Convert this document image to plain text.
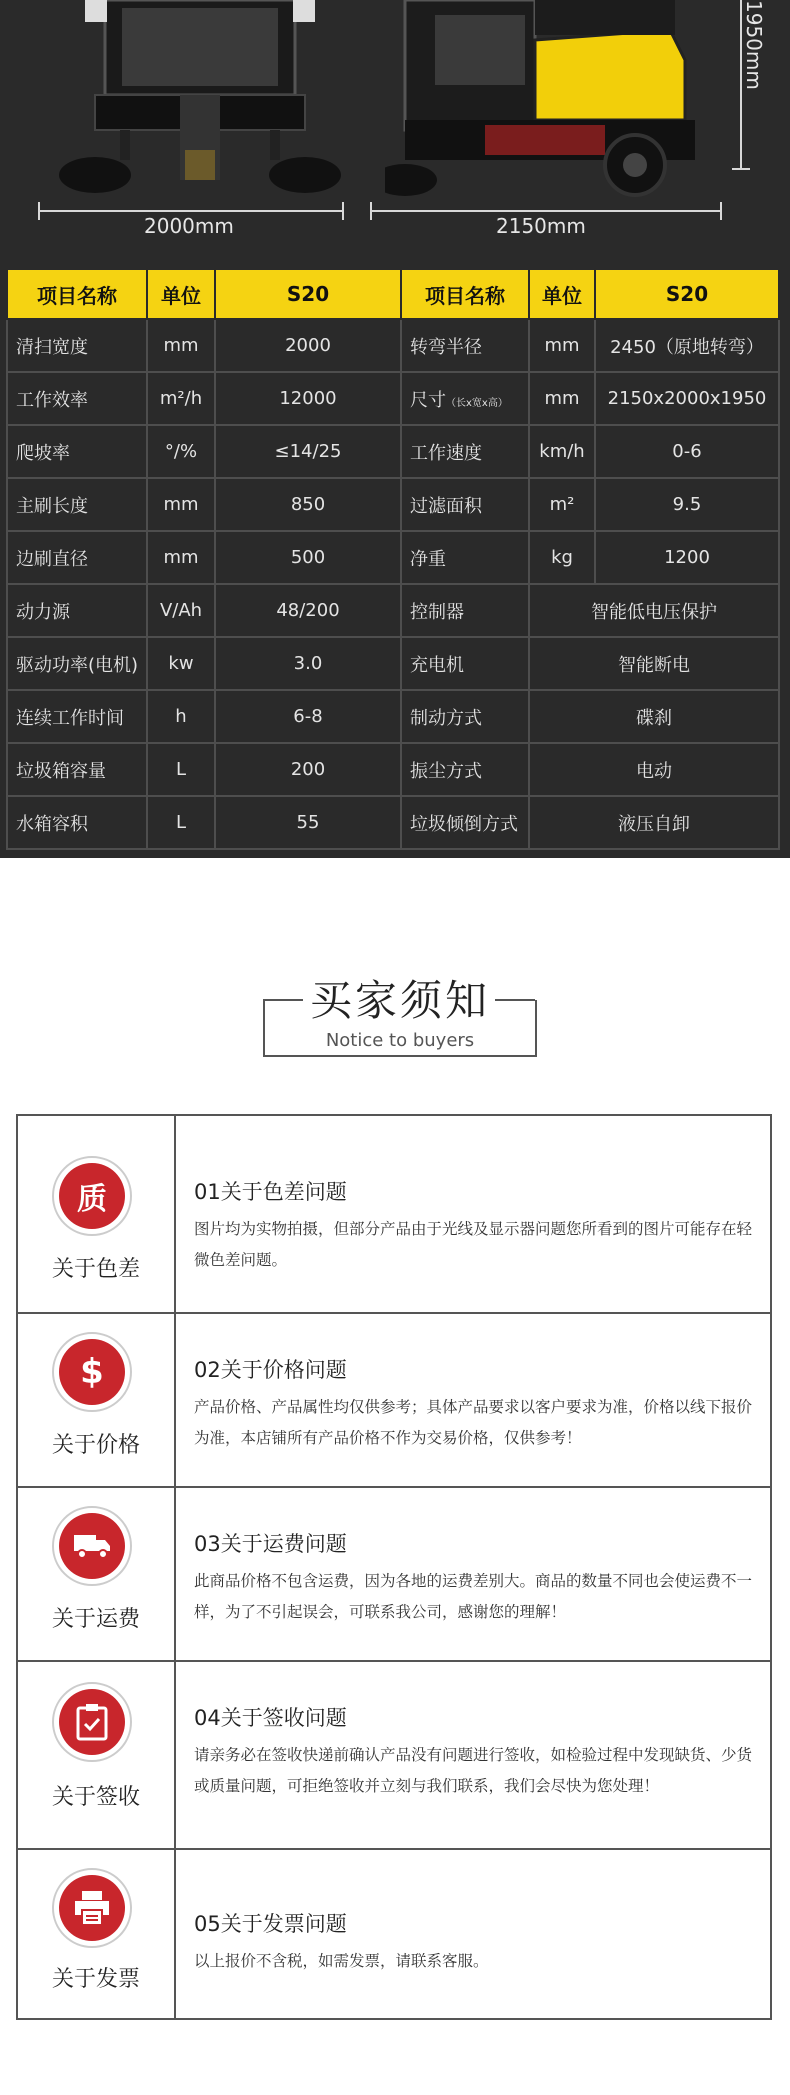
2000mm	2150mm
1950mm
项目名称	单位	S20	项目名称	单位	S20
清扫宽度	mm	2000	转弯半径	mm	2450（原地转弯）
工作效率	m²/h	12000	尺寸（长x宽x高）	mm	2150x2000x1950
爬坡率	°/%	≤14/25	工作速度	km/h	0-6
主刷长度	mm	850	过滤面积	m²	9.5
边刷直径	mm	500	净重	kg	1200
动力源	V/Ah	48/200	控制器	智能低电压保护	
驱动功率(电机)	kw	3.0	充电机	智能断电	
连续工作时间	h	6-8	制动方式	碟刹	
垃圾箱容量	L	200	振尘方式	电动	
水箱容积	L	55	垃圾倾倒方式	液压自卸	
买家须知
Notice to buyers
质
关于色差
01关于色差问题
图片均为实物拍摄，但部分产品由于光线及显示器问题您所看到的图片可能存在轻微色差问题。
$
关于价格
02关于价格问题
产品价格、产品属性均仅供参考；具体产品要求以客户要求为准，价格以线下报价为准，本店铺所有产品价格不作为交易价格，仅供参考！
关于运费
03关于运费问题
此商品价格不包含运费，因为各地的运费差别大。商品的数量不同也会使运费不一样，为了不引起误会，可联系我公司，感谢您的理解！
关于签收
04关于签收问题
请亲务必在签收快递前确认产品没有问题进行签收，如检验过程中发现缺货、少货或质量问题，可拒绝签收并立刻与我们联系，我们会尽快为您处理！
关于发票
05关于发票问题
以上报价不含税，如需发票，请联系客服。
